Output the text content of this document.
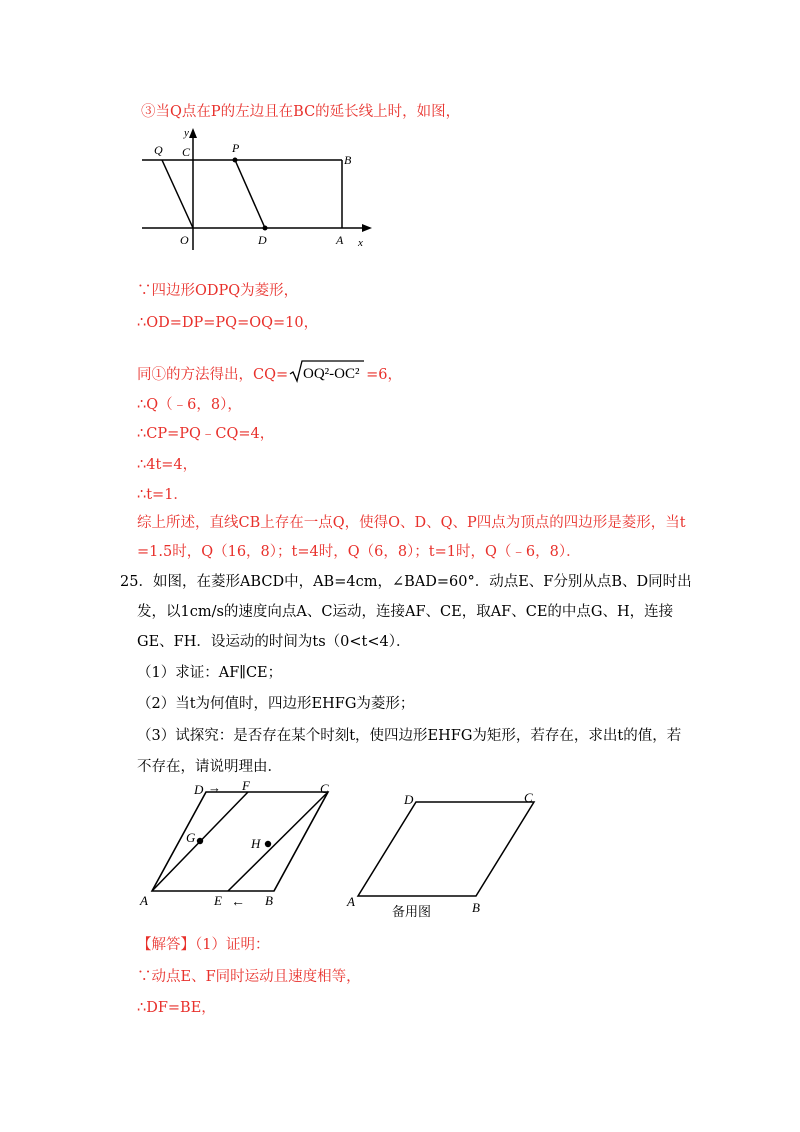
③当Q点在P的左边且在BC的延长线上时，如图，
y
C	P
Q
B
O	D	A x
∵四边形ODPQ为菱形，
∴OD=DP=PQ=OQ=10，
同①的方法得出，CQ= OQ²-OC² =6，
∴Q（﹣6，8），
∴CP=PQ﹣CQ=4，
∴4t=4，
∴t=1．
综上所述，直线CB上存在一点Q，使得O、D、Q、P四点为顶点的四边形是菱形，当t
=1.5时，Q（16，8）；t=4时，Q（6，8）；t=1时，Q（﹣6，8）．
25．如图，在菱形ABCD中，AB=4cm，∠BAD=60°．动点E、F分别从点B、D同时出
发，以1cm/s的速度向点A、C运动，连接AF、CE，取AF、CE的中点G、H，连接
GE、FH．设运动的时间为ts（0<t<4）．
（1）求证：AF∥CE；
（2）当t为何值时，四边形EHFG为菱形；
（3）试探究：是否存在某个时刻t，使四边形EHFG为矩形，若存在，求出t的值，若
不存在，请说明理由．
D → F	C
G	H
A	E ← B
D	C
A	B
备用图
【解答】（1）证明：
∵动点E、F同时运动且速度相等，
∴DF=BE，
